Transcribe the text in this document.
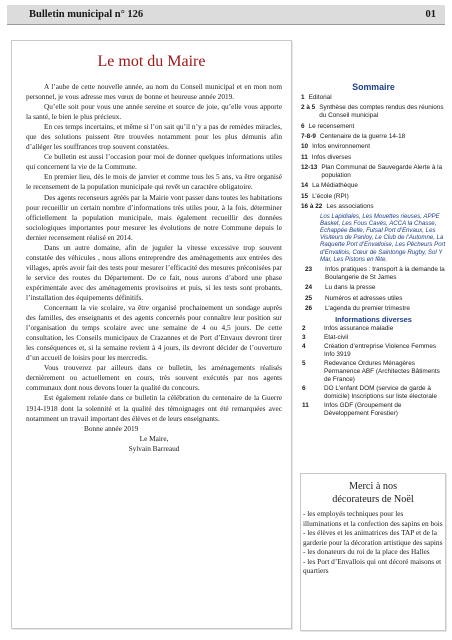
Bulletin municipal n° 126	01
Le mot du Maire

A l’aube de cette nouvelle année, au nom du Conseil municipal et en mon nom personnel, je vous adresse mes vœux de bonne et heureuse année 2019.

Qu’elle soit pour vous une année sereine et source de joie, qu’elle vous apporte la santé, le bien le plus précieux.

En ces temps incertains, et même si l’on sait qu’il n’y a pas de remèdes miracles, que des solutions puissent être trouvées notamment pour les plus démunis afin d’alléger les souffrances trop souvent constatées.

Ce bulletin est aussi l’occasion pour moi de donner quelques informations utiles qui concernent la vie de la Commune.

En premier lieu, dès le mois de janvier et comme tous les 5 ans, va être organisé le recensement de la population municipale qui revêt un caractère obligatoire.

Des agents recenseurs agréés par la Mairie vont passer dans toutes les habitations pour recueillir un certain nombre d’informations très utiles pour, à la fois, déterminer officiellement la population municipale, mais également recueillir des données sociologiques importantes pour mesurer les évolutions de notre Commune depuis le dernier recensement réalisé en 2014.

Dans un autre domaine, afin de juguler la vitesse excessive trop souvent constatée des véhicules , nous allons entreprendre des aménagements aux entrées des villages, après avoir fait des tests pour mesurer l’efficacité des mesures préconisées par le service des routes du Département. De ce fait, nous aurons d’abord une phase expérimentale avec des aménagements provisoires et puis, si les tests sont probants, l’installation des équipements définitifs.

Concernant la vie scolaire, va être organisé prochainement un sondage auprès des familles, des enseignants et des agents concernés pour connaître leur position sur l’organisation du temps scolaire avec une semaine de 4 ou 4,5 jours. De cette consultation, les Conseils municipaux de Crazannes et de Port d’Envaux devront tirer les conséquences et, si la semaine revient à 4 jours, ils devront décider de l’ouverture d’un accueil de loisirs pour les mercredis.

Vous trouverez par ailleurs dans ce bulletin, les aménagements réalisés dernièrement ou actuellement en cours, très souvent exécutés par nos agents communaux dont nous devons louer la qualité du concours.

Est également relatée dans ce bulletin la célébration du centenaire de la Guerre 1914-1918 dont la solennité et la qualité des témoignages ont été remarquées avec notamment un travail important des élèves et de leurs enseignants.

Bonne année 2019

Le Maire,

Sylvain Barreaud

Sommaire
1 Editorial
2 à 5 Synthèse des comptes rendus des réunions du Conseil municipal
6 Le recensement
7-8-9 Centenaire de la guerre 14-18
10 Infos environnement
11 Infos diverses
12-13 Plan Communal de Sauvegarde Alerte à la population
14 La Médiathèque
15 L’école (RPI)
16 à 22 Les associations
Los Lapidiales, Les Mouettes rieuses, APPE Basket, Les Fous Cavés, ACCA la Chasse, Echappée Belle, Futsal Port d’Envaux, Les Visiteurs de Panloy, Le Club de l’Automne, La Raquette Port d’Envalloise, Les Pêcheurs Port d’Envallois, Cœur de Saintonge Rugby, Sol Y Mar, Les Pistons en fête.
23	Infos pratiques : transport à la demande la Boulangerie de St James
24	Lu dans la presse
25	Numéros et adresses utiles
26	L’agenda du premier trimestre
Informations diverses
2	Infos assurance maladie
3	Etat-civil
4	Création d’entreprise Violence Femmes Info 3919
5	Redevance Ordures Ménagères Permanence ABF (Architectes Bâtiments de France)
6	DO L’enfant DOM (service de garde à domicile) Inscriptions sur liste électorale
11	Infos GDF (Groupement de Développement Forestier)
Merci à nos
décorateurs de Noël
- les employés techniques pour les illuminations et la confection des sapins en bois
- les élèves et les animatrices des TAP et de la garderie pour la décoration artistique des sapins
- les donateurs du roi de la place des Halles
- les Port d’Envallois qui ont décoré maisons et quartiers
